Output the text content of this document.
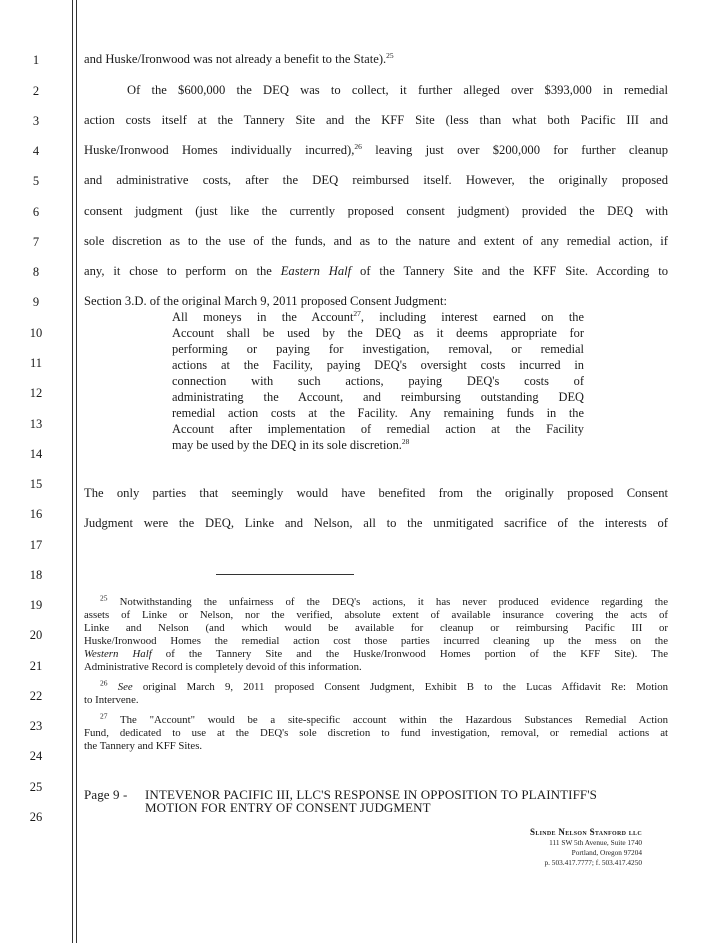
1
2
3
4
5
6
7
8
9
10
11
12
13
14
15
16
17
18
19
20
21
22
23
24
25
26
and Huske/Ironwood was not already a benefit to the State).$^{25}$
Of the $600,000 the DEQ was to collect, it further alleged over $393,000 in remedial
action costs itself at the Tannery Site and the KFF Site (less than what both Pacific III and
Huske/Ironwood Homes individually incurred),$^{26}$ leaving just over $200,000 for further cleanup
and administrative costs, after the DEQ reimbursed itself. However, the originally proposed
consent judgment (just like the currently proposed consent judgment) provided the DEQ with
sole discretion as to the use of the funds, and as to the nature and extent of any remedial action, if
any, it chose to perform on the Eastern Half of the Tannery Site and the KFF Site. According to
Section 3.D. of the original March 9, 2011 proposed Consent Judgment:
All moneys in the Account$^{27}$, including interest earned on the
Account shall be used by the DEQ as it deems appropriate for
performing or paying for investigation, removal, or remedial
actions at the Facility, paying DEQ's oversight costs incurred in
connection with such actions, paying DEQ's costs of
administrating the Account, and reimbursing outstanding DEQ
remedial action costs at the Facility. Any remaining funds in the
Account after implementation of remedial action at the Facility
may be used by the DEQ in its sole discretion.$^{28}$
The only parties that seemingly would have benefited from the originally proposed Consent
Judgment were the DEQ, Linke and Nelson, all to the unmitigated sacrifice of the interests of
$^{25}$ Notwithstanding the unfairness of the DEQ's actions, it has never produced evidence regarding the
assets of Linke or Nelson, nor the verified, absolute extent of available insurance covering the acts of
Linke and Nelson (and which would be available for cleanup or reimbursing Pacific III or
Huske/Ironwood Homes the remedial action cost those parties incurred cleaning up the mess on the
Western Half of the Tannery Site and the Huske/Ironwood Homes portion of the KFF Site). The
Administrative Record is completely devoid of this information.
$^{26}$ See original March 9, 2011 proposed Consent Judgment, Exhibit B to the Lucas Affidavit Re: Motion
to Intervene.
$^{27}$ The "Account" would be a site-specific account within the Hazardous Substances Remedial Action
Fund, dedicated to use at the DEQ's sole discretion to fund investigation, removal, or remedial actions at
the Tannery and KFF Sites.
Page 9 - INTEVENOR PACIFIC III, LLC'S RESPONSE IN OPPOSITION TO PLAINTIFF'S
MOTION FOR ENTRY OF CONSENT JUDGMENT
Slinde Nelson Stanford llc
111 SW 5th Avenue, Suite 1740
Portland, Oregon 97204
p. 503.417.7777; f. 503.417.4250
